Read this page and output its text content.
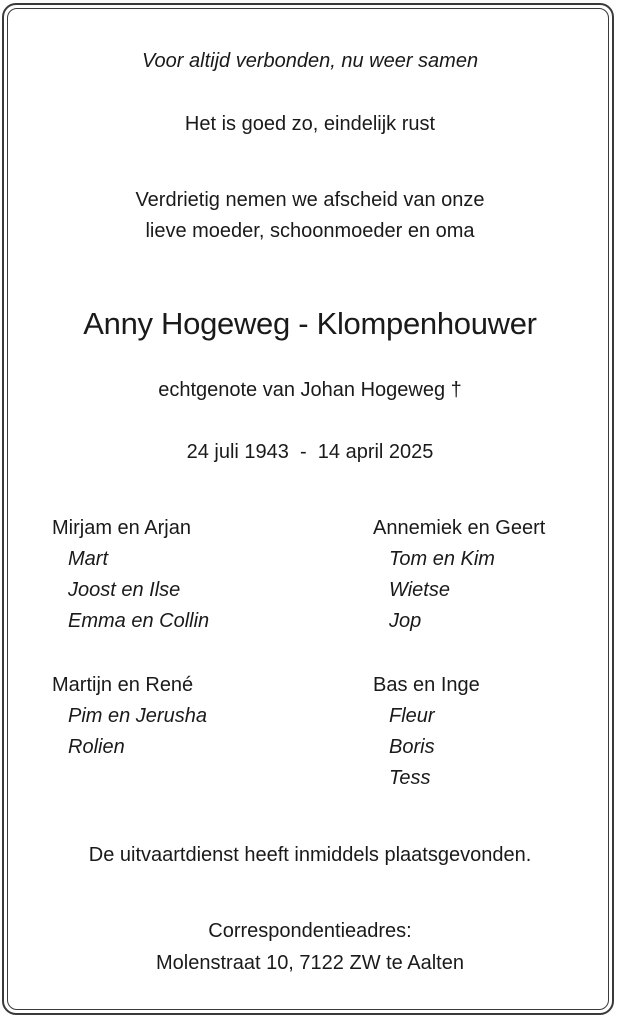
Voor altijd verbonden, nu weer samen
Het is goed zo, eindelijk rust
Verdrietig nemen we afscheid van onze
lieve moeder, schoonmoeder en oma
Anny Hogeweg - Klompenhouwer
echtgenote van Johan Hogeweg †
24 juli 1943  -  14 april 2025
Mirjam en Arjan
Mart
Joost en Ilse
Emma en Collin
Martijn en René
Pim en Jerusha
Rolien
Annemiek en Geert
Tom en Kim
Wietse
Jop
Bas en Inge
Fleur
Boris
Tess
De uitvaartdienst heeft inmiddels plaatsgevonden.
Correspondentieadres:
Molenstraat 10, 7122 ZW te Aalten
